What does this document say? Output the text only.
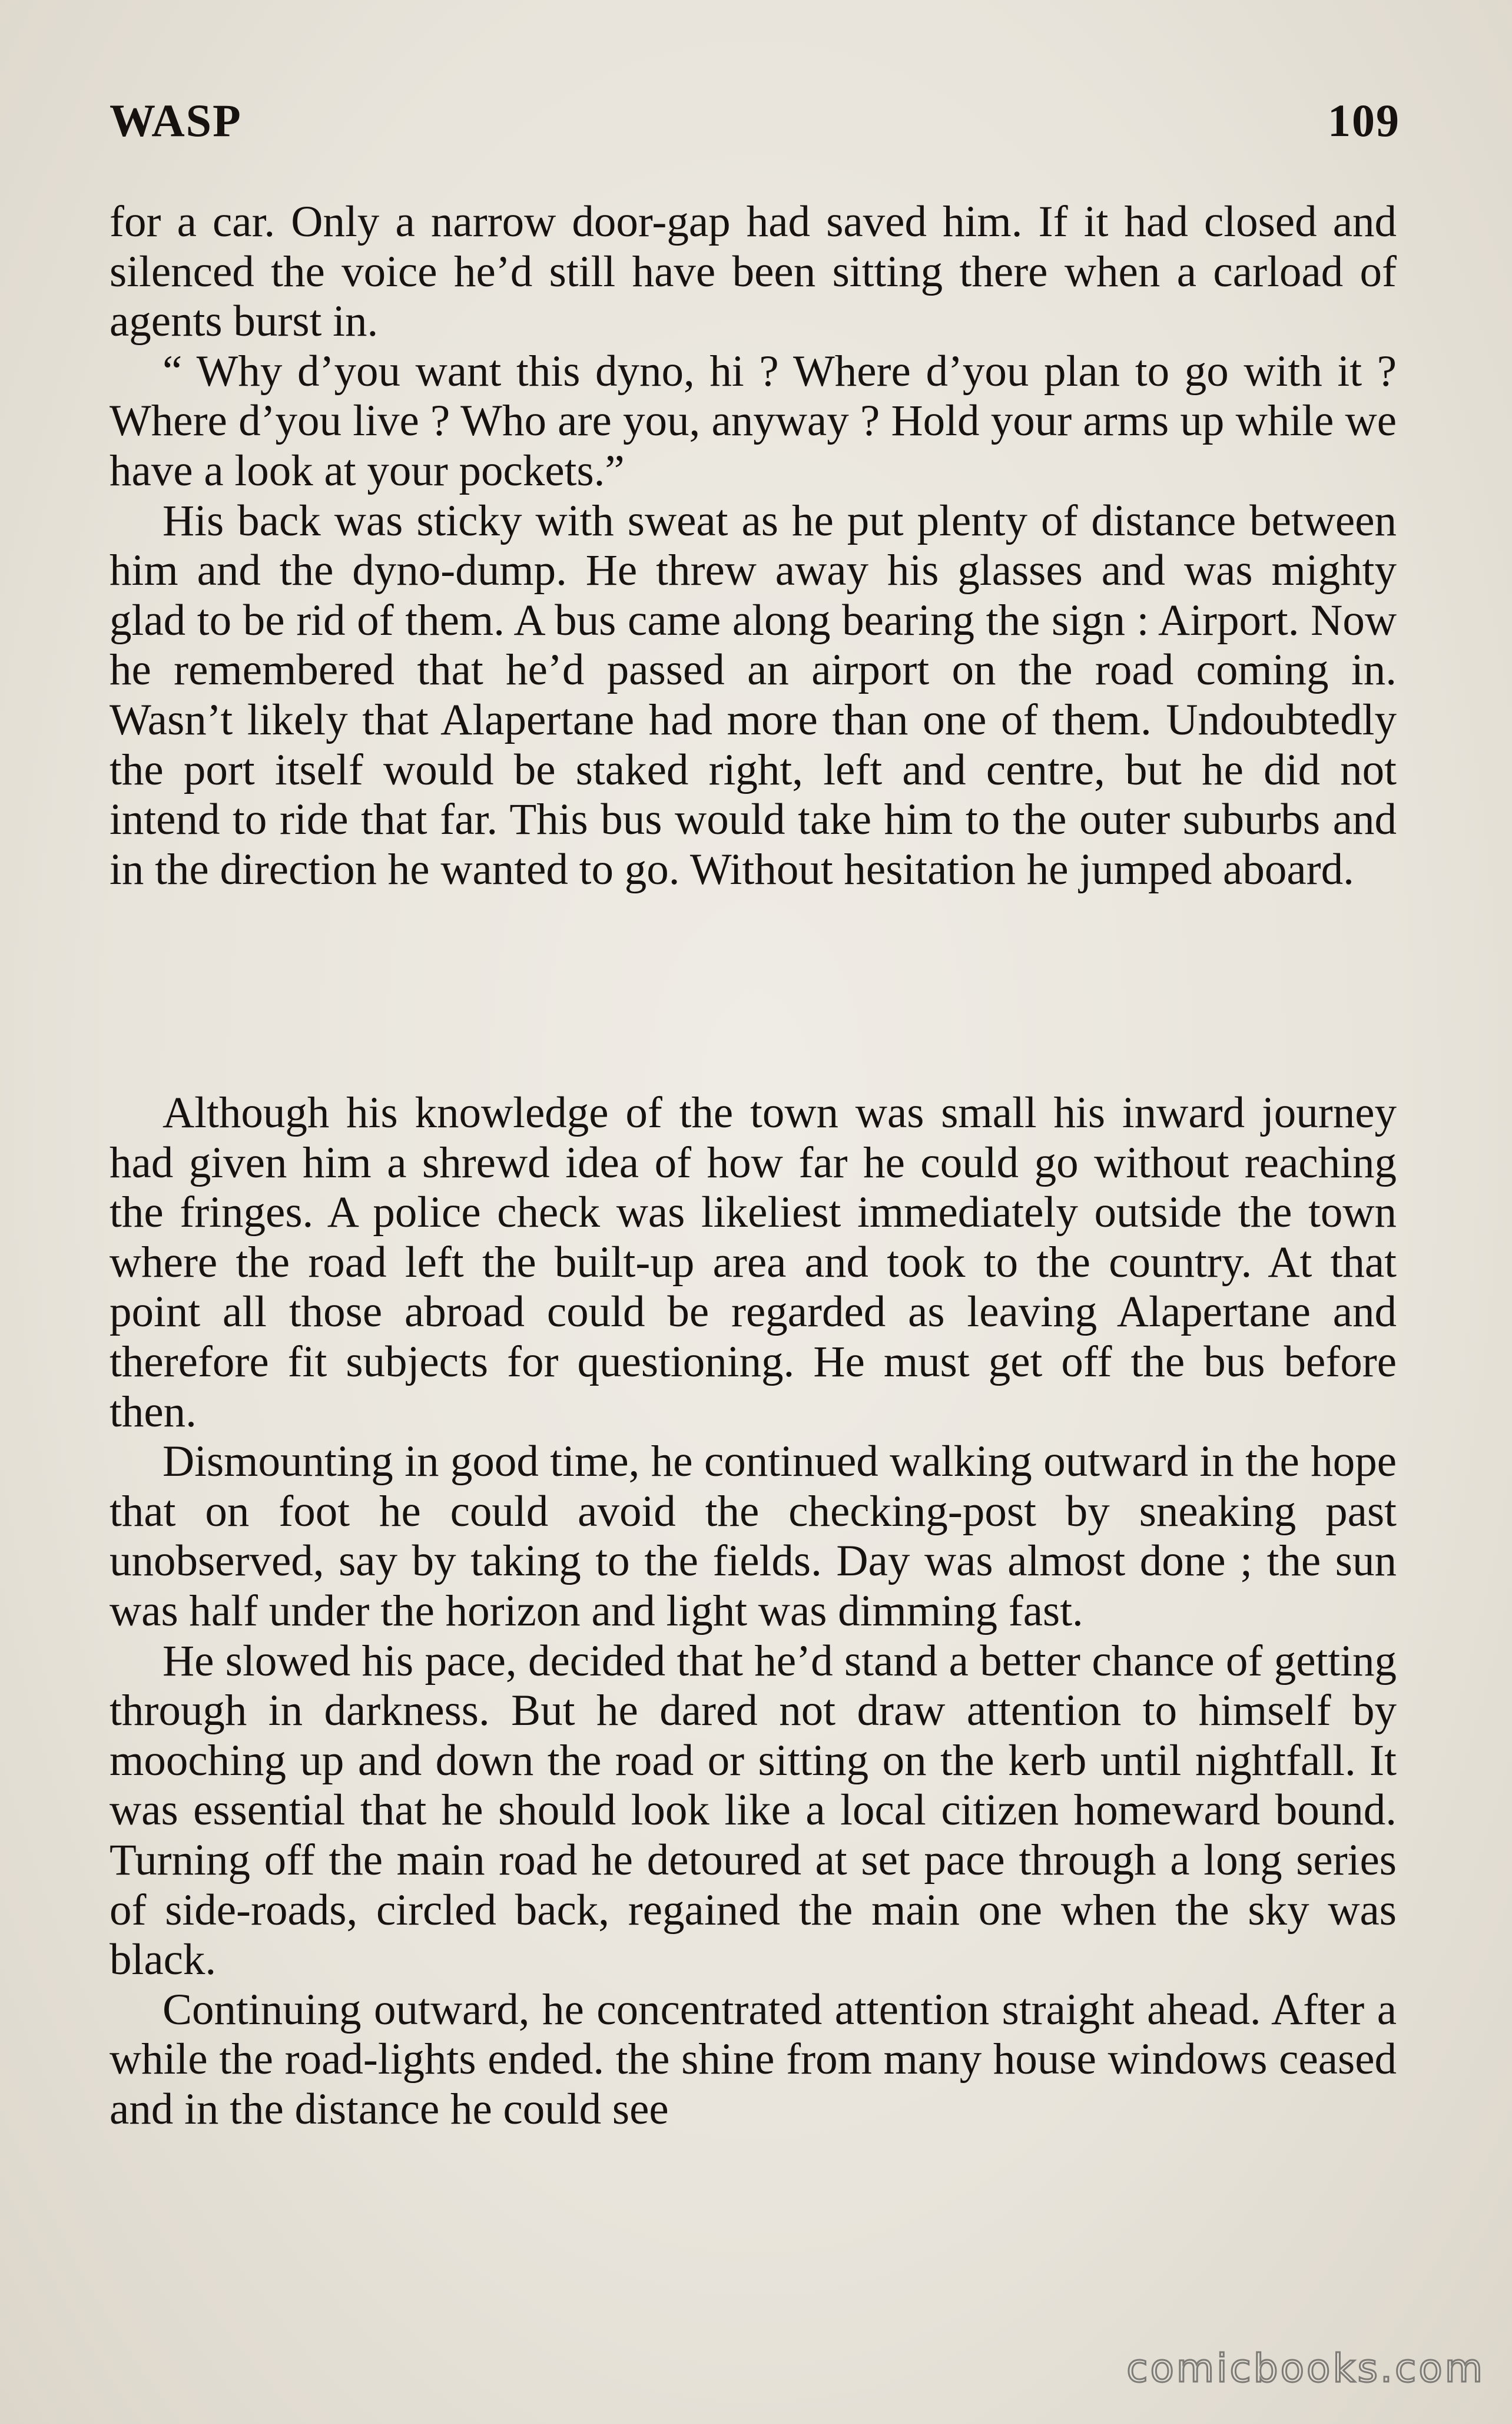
WASP	109

for a car. Only a narrow door-gap had saved him. If it had closed and silenced the voice he’d still have been sitting there when a carload of agents burst in.

“ Why d’you want this dyno, hi ? Where d’you plan to go with it ? Where d’you live ? Who are you, anyway ? Hold your arms up while we have a look at your pockets.”

His back was sticky with sweat as he put plenty of distance between him and the dyno-dump. He threw away his glasses and was mighty glad to be rid of them. A bus came along bearing the sign : Airport. Now he remembered that he’d passed an airport on the road coming in. Wasn’t likely that Alapertane had more than one of them. Undoubtedly the port itself would be staked right, left and centre, but he did not intend to ride that far. This bus would take him to the outer suburbs and in the direction he wanted to go. Without hesitation he jumped aboard.

Although his knowledge of the town was small his inward journey had given him a shrewd idea of how far he could go without reaching the fringes. A police check was likeliest immediately outside the town where the road left the built-up area and took to the country. At that point all those abroad could be regarded as leaving Alapertane and therefore fit subjects for questioning. He must get off the bus before then.

Dismounting in good time, he continued walking outward in the hope that on foot he could avoid the checking-post by sneaking past unobserved, say by taking to the fields. Day was almost done ; the sun was half under the horizon and light was dimming fast.

He slowed his pace, decided that he’d stand a better chance of getting through in darkness. But he dared not draw attention to himself by mooching up and down the road or sitting on the kerb until nightfall. It was essential that he should look like a local citizen homeward bound. Turning off the main road he detoured at set pace through a long series of side-roads, circled back, regained the main one when the sky was black.

Continuing outward, he concentrated attention straight ahead. After a while the road-lights ended. the shine from many house windows ceased and in the distance he could see

comicbooks.com
